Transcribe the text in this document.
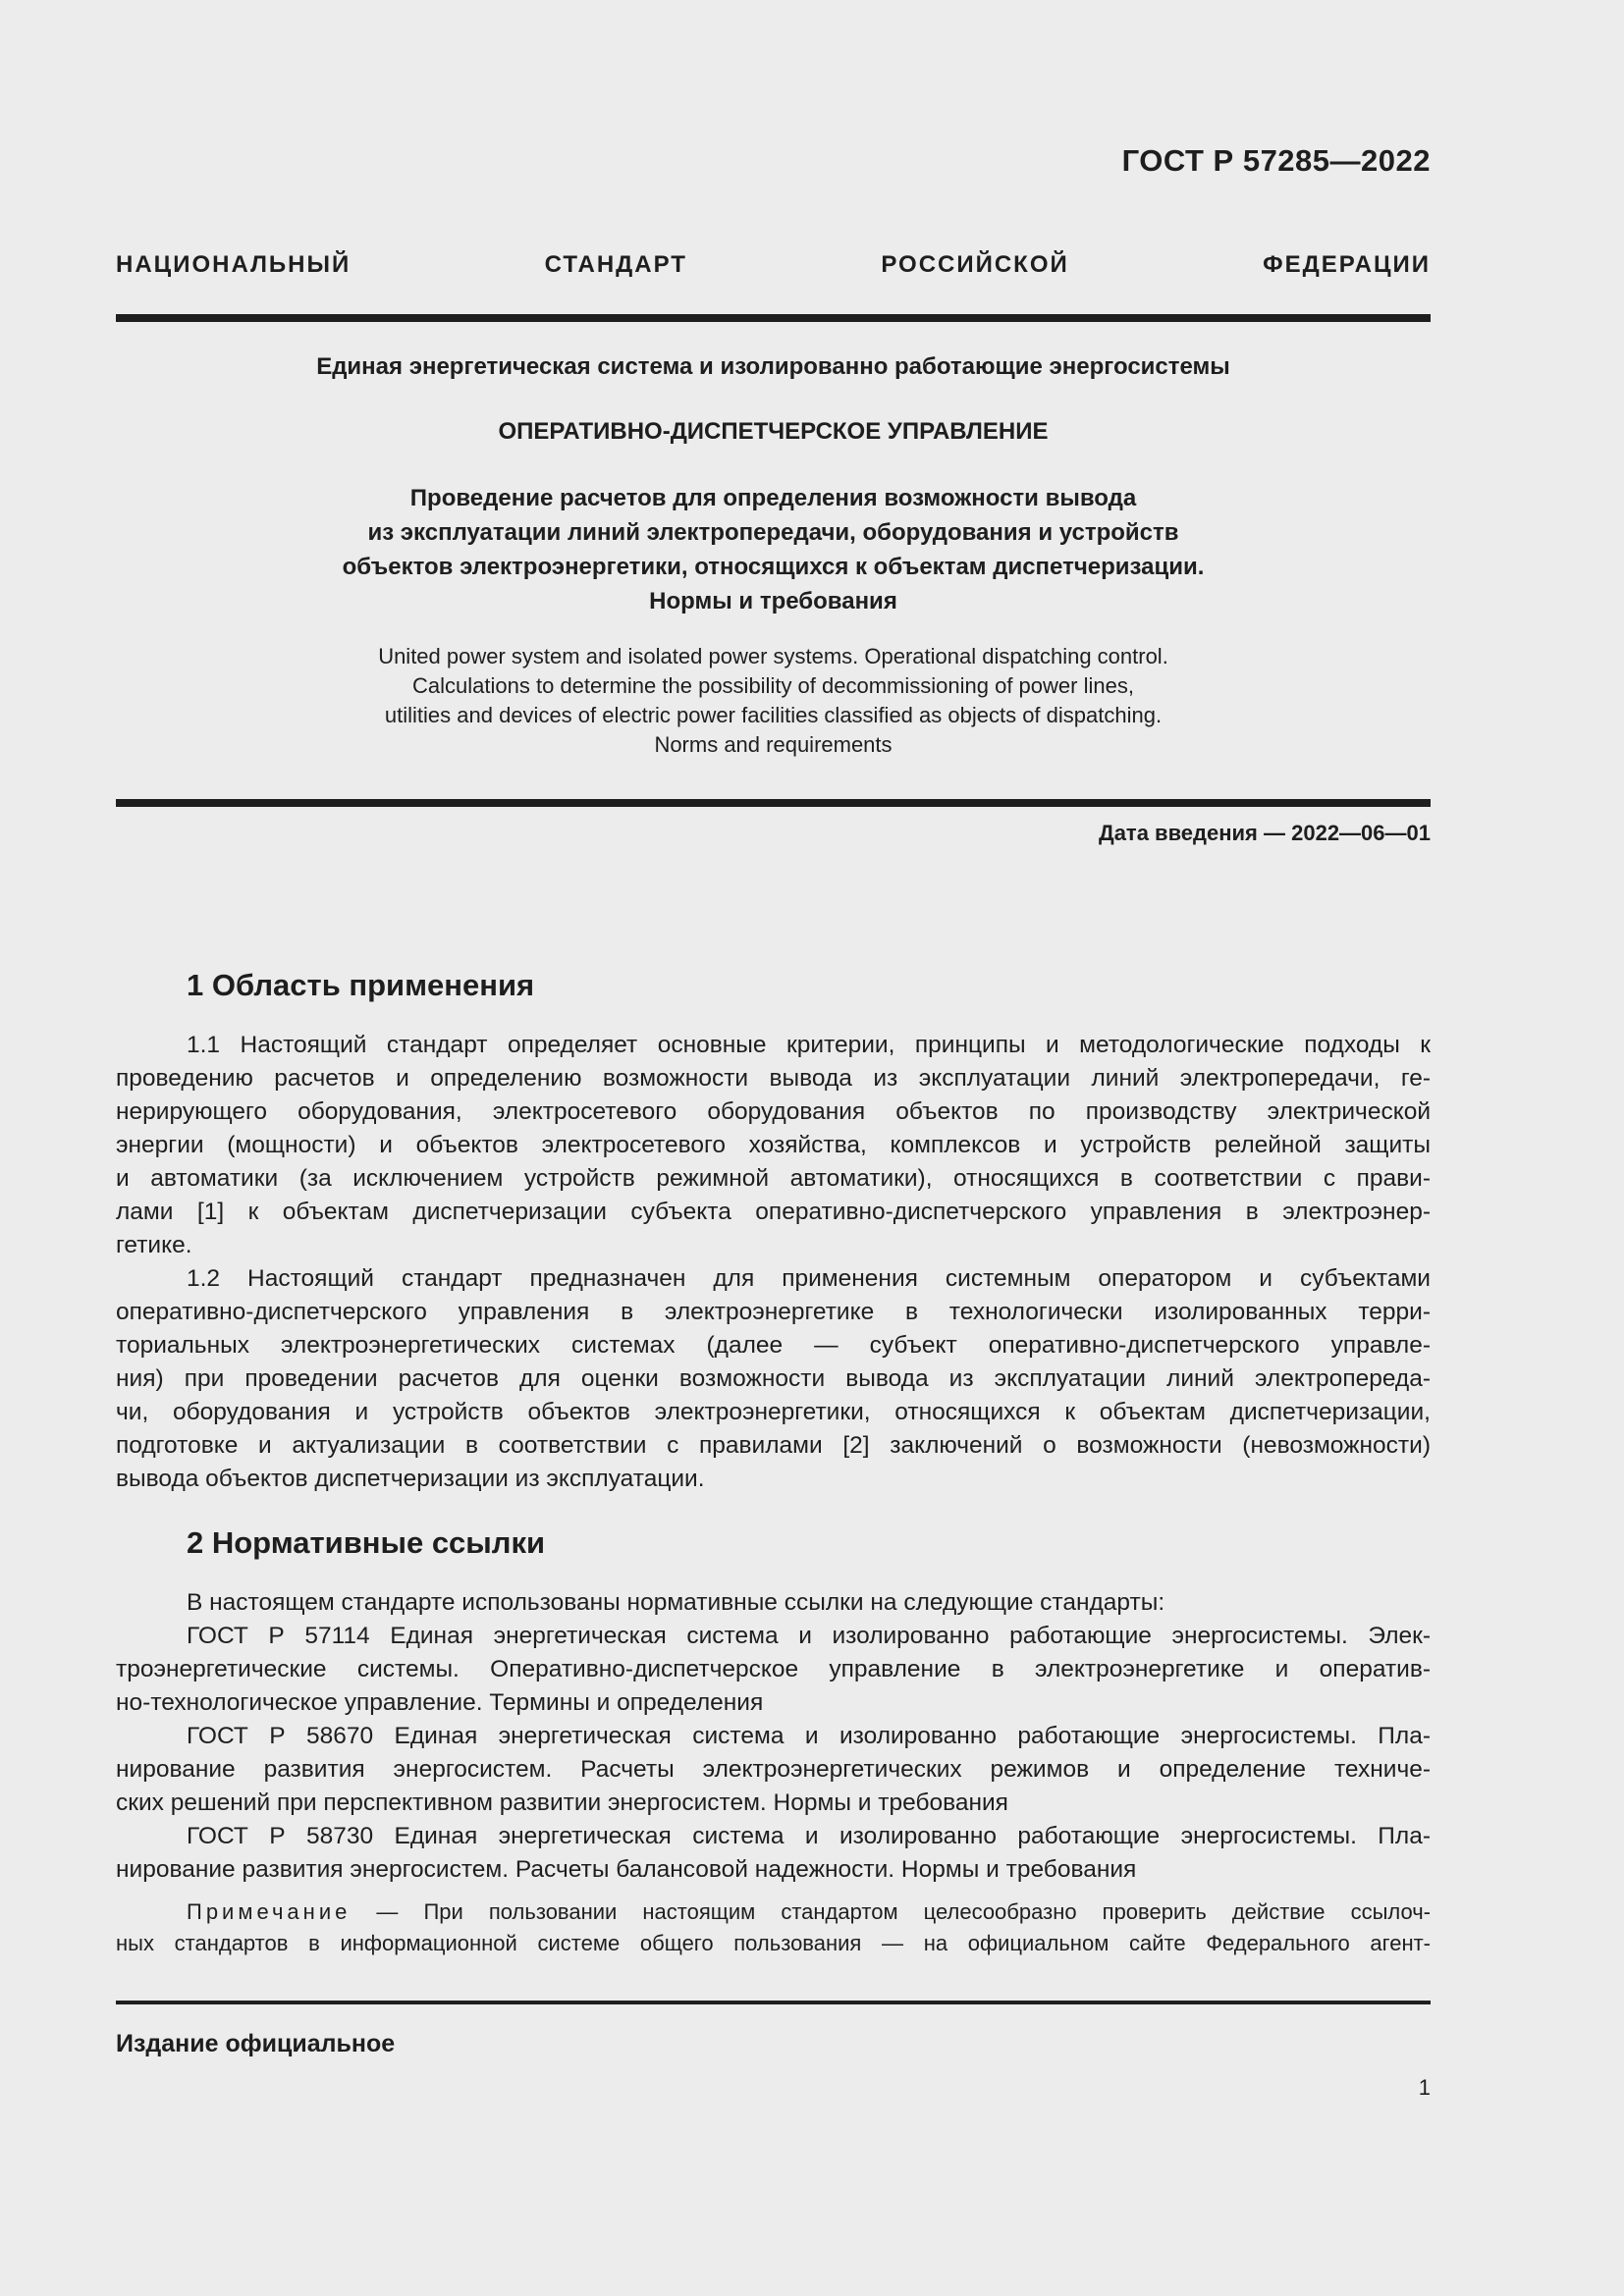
ГОСТ Р 57285—2022
НАЦИОНАЛЬНЫЙ СТАНДАРТ РОССИЙСКОЙ ФЕДЕРАЦИИ
Единая энергетическая система и изолированно работающие энергосистемы
ОПЕРАТИВНО-ДИСПЕТЧЕРСКОЕ УПРАВЛЕНИЕ
Проведение расчетов для определения возможности вывода
из эксплуатации линий электропередачи, оборудования и устройств
объектов электроэнергетики, относящихся к объектам диспетчеризации.
Нормы и требования
United power system and isolated power systems. Operational dispatching control.
Calculations to determine the possibility of decommissioning of power lines,
utilities and devices of electric power facilities classified as objects of dispatching.
Norms and requirements
Дата введения — 2022—06—01
1 Область применения
1.1 Настоящий стандарт определяет основные критерии, принципы и методологические подходы к
проведению расчетов и определению возможности вывода из эксплуатации линий электропередачи, ге-
нерирующего оборудования, электросетевого оборудования объектов по производству электрической
энергии (мощности) и объектов электросетевого хозяйства, комплексов и устройств релейной защиты
и автоматики (за исключением устройств режимной автоматики), относящихся в соответствии с прави-
лами [1] к объектам диспетчеризации субъекта оперативно-диспетчерского управления в электроэнер-
гетике.
1.2 Настоящий стандарт предназначен для применения системным оператором и субъектами
оперативно-диспетчерского управления в электроэнергетике в технологически изолированных терри-
ториальных электроэнергетических системах (далее — субъект оперативно-диспетчерского управле-
ния) при проведении расчетов для оценки возможности вывода из эксплуатации линий электропереда-
чи, оборудования и устройств объектов электроэнергетики, относящихся к объектам диспетчеризации,
подготовке и актуализации в соответствии с правилами [2] заключений о возможности (невозможности)
вывода объектов диспетчеризации из эксплуатации.
2 Нормативные ссылки
В настоящем стандарте использованы нормативные ссылки на следующие стандарты:
ГОСТ Р 57114 Единая энергетическая система и изолированно работающие энергосистемы. Элек-
троэнергетические системы. Оперативно-диспетчерское управление в электроэнергетике и оператив-
но-технологическое управление. Термины и определения
ГОСТ Р 58670 Единая энергетическая система и изолированно работающие энергосистемы. Пла-
нирование развития энергосистем. Расчеты электроэнергетических режимов и определение техниче-
ских решений при перспективном развитии энергосистем. Нормы и требования
ГОСТ Р 58730 Единая энергетическая система и изолированно работающие энергосистемы. Пла-
нирование развития энергосистем. Расчеты балансовой надежности. Нормы и требования
Примечание — При пользовании настоящим стандартом целесообразно проверить действие ссылоч-
ных стандартов в информационной системе общего пользования — на официальном сайте Федерального агент-
Издание официальное
1
